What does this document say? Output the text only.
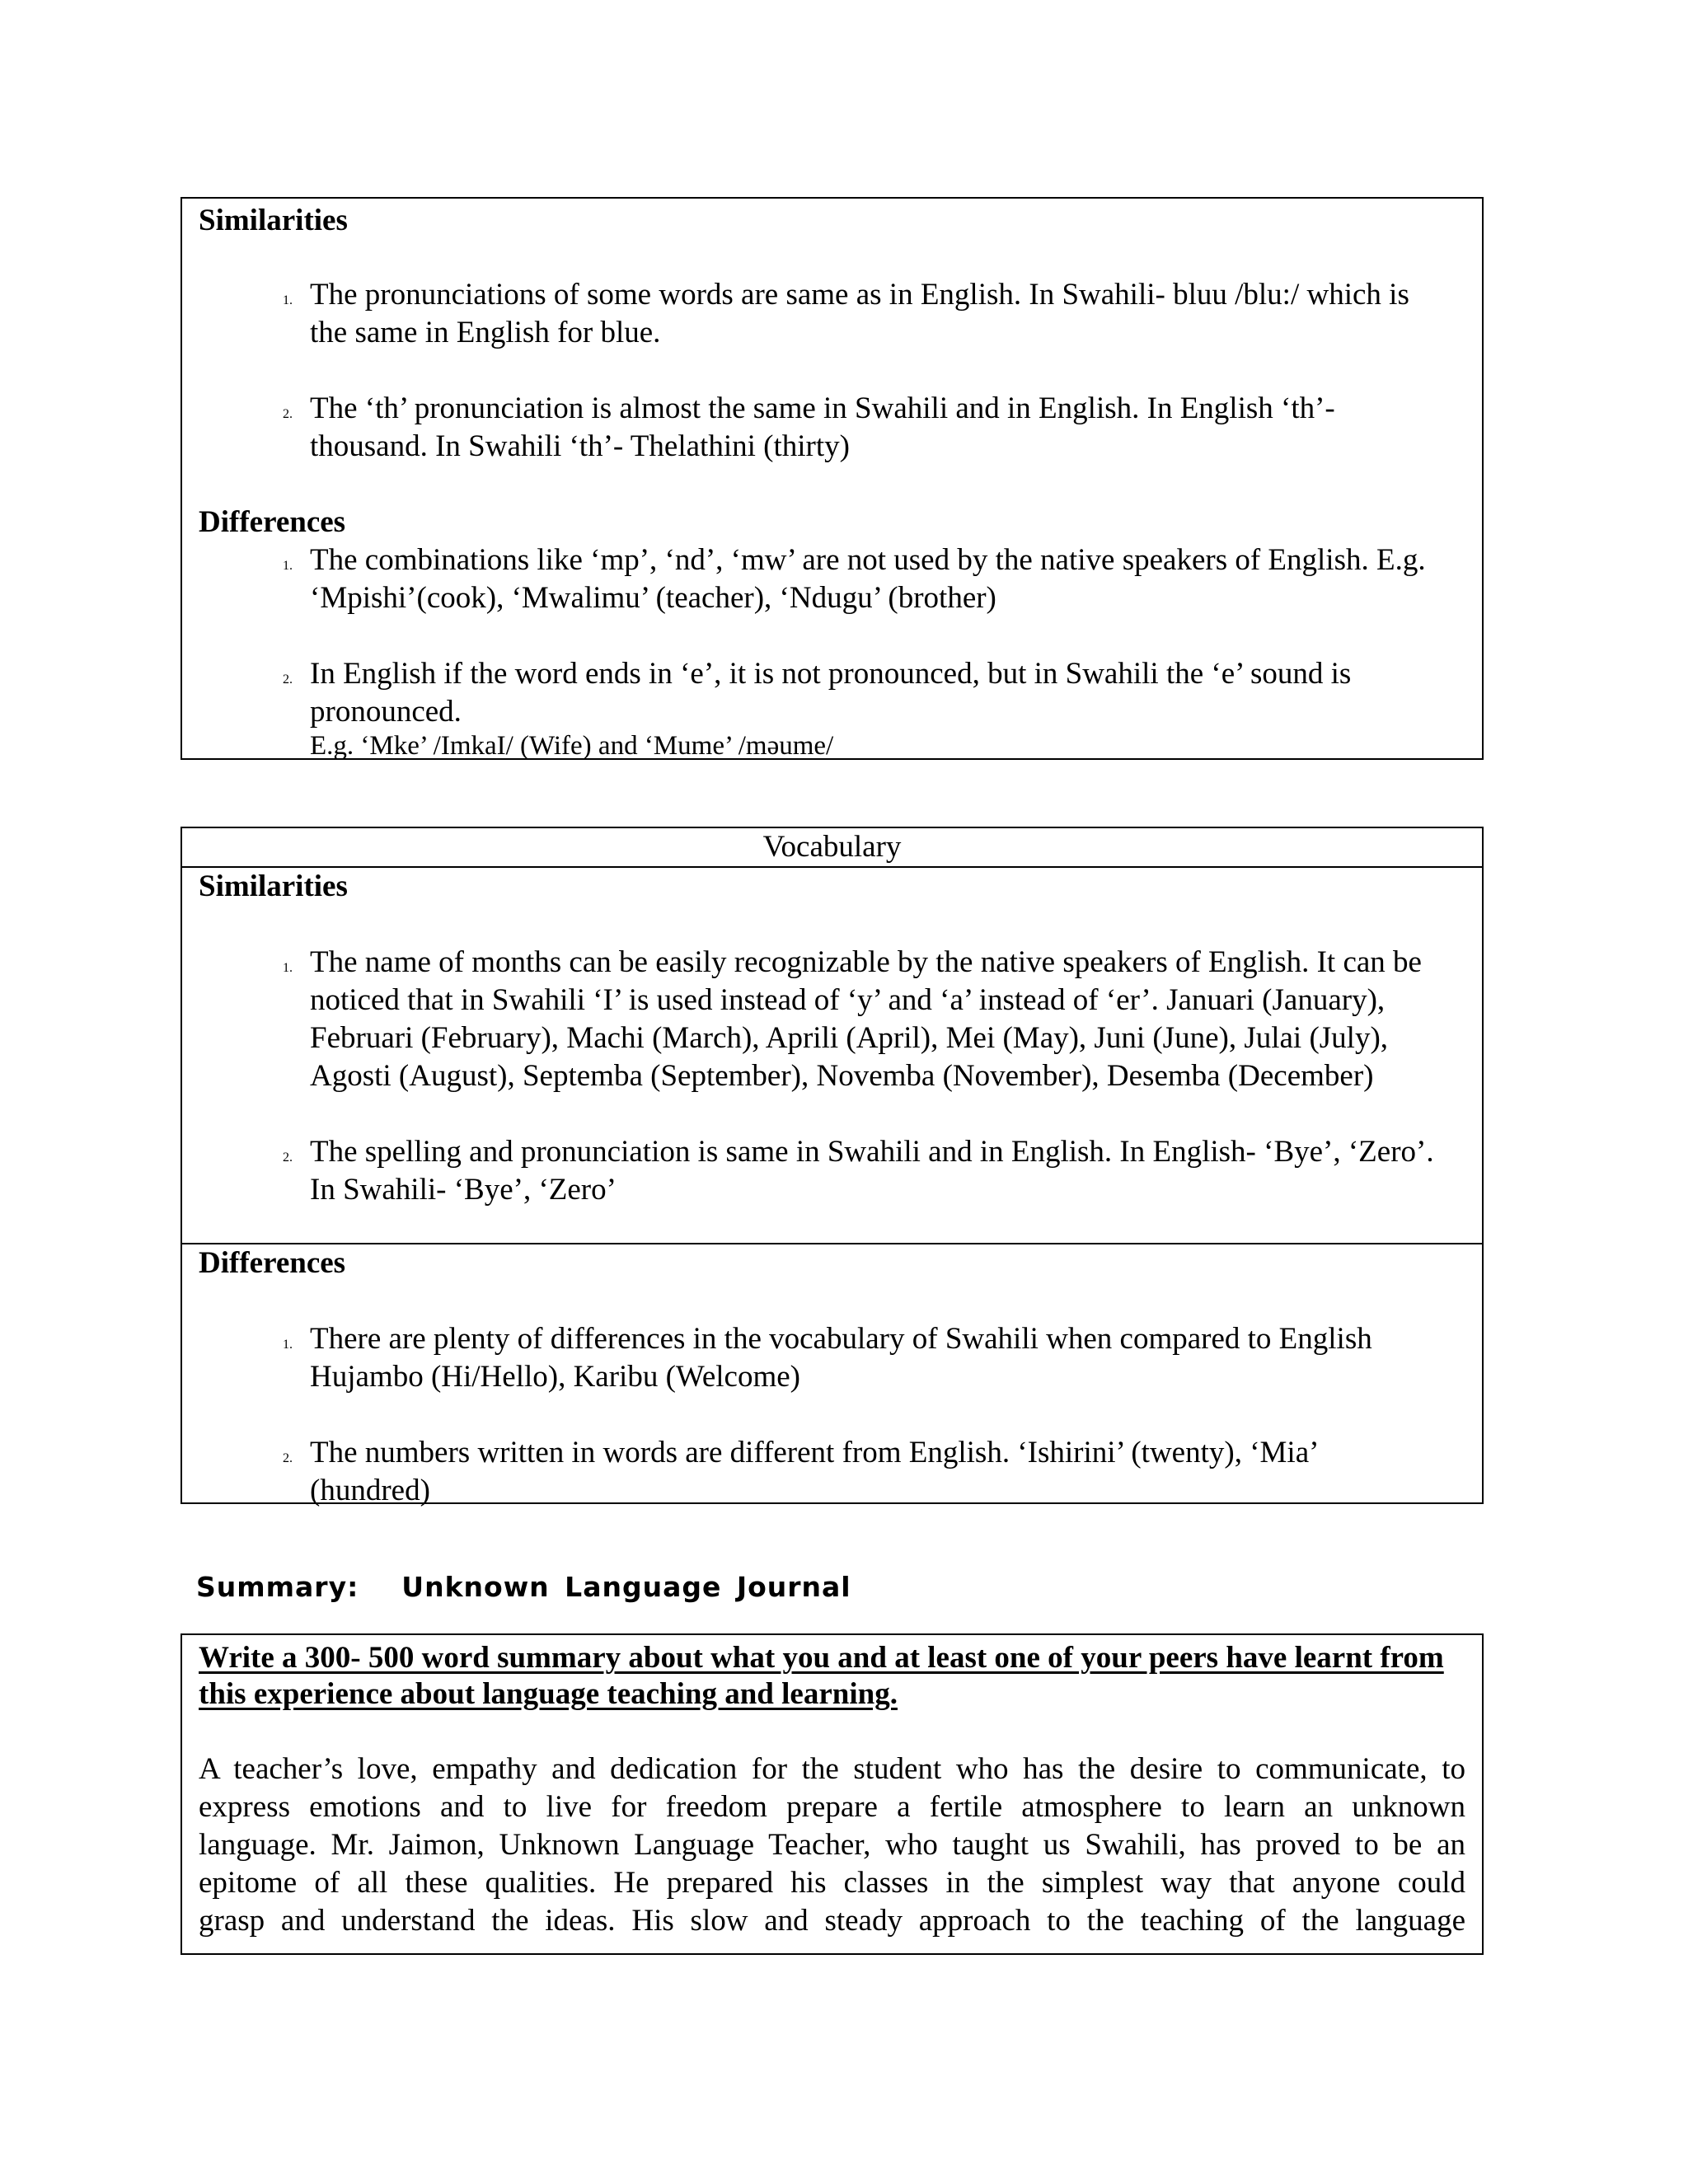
Similarities
1. The pronunciations of some words are same as in English. In Swahili- bluu /blu:/ which is the same in English for blue.
2. The ‘th’ pronunciation is almost the same in Swahili and in English. In English ‘th’- thousand. In Swahili ‘th’- Thelathini (thirty)
Differences
1. The combinations like ‘mp’, ‘nd’, ‘mw’ are not used by the native speakers of English. E.g. ‘Mpishi’(cook), ‘Mwalimu’ (teacher), ‘Ndugu’ (brother)
2. In English if the word ends in ‘e’, it is not pronounced, but in Swahili the ‘e’ sound is pronounced.
E.g. ‘Mke’ /ImkaI/ (Wife) and ‘Mume’ /məume/
Vocabulary
Similarities
1. The name of months can be easily recognizable by the native speakers of English. It can be noticed that in Swahili ‘I’ is used instead of ‘y’ and ‘a’ instead of ‘er’. Januari (January), Februari (February), Machi (March), Aprili (April), Mei (May), Juni (June), Julai (July), Agosti (August), Septemba (September), Novemba (November), Desemba (December)
2. The spelling and pronunciation is same in Swahili and in English. In English- ‘Bye’, ‘Zero’. In Swahili- ‘Bye’, ‘Zero’
Differences
1. There are plenty of differences in the vocabulary of Swahili when compared to English Hujambo (Hi/Hello), Karibu (Welcome)
2. The numbers written in words are different from English. ‘Ishirini’ (twenty), ‘Mia’ (hundred)
Summary: Unknown Language Journal
Write a 300- 500 word summary about what you and at least one of your peers have learnt from this experience about language teaching and learning.
A teacher’s love, empathy and dedication for the student who has the desire to communicate, to
express emotions and to live for freedom prepare a fertile atmosphere to learn an unknown
language. Mr. Jaimon, Unknown Language Teacher, who taught us Swahili, has proved to be an
epitome of all these qualities. He prepared his classes in the simplest way that anyone could
grasp and understand the ideas. His slow and steady approach to the teaching of the language
